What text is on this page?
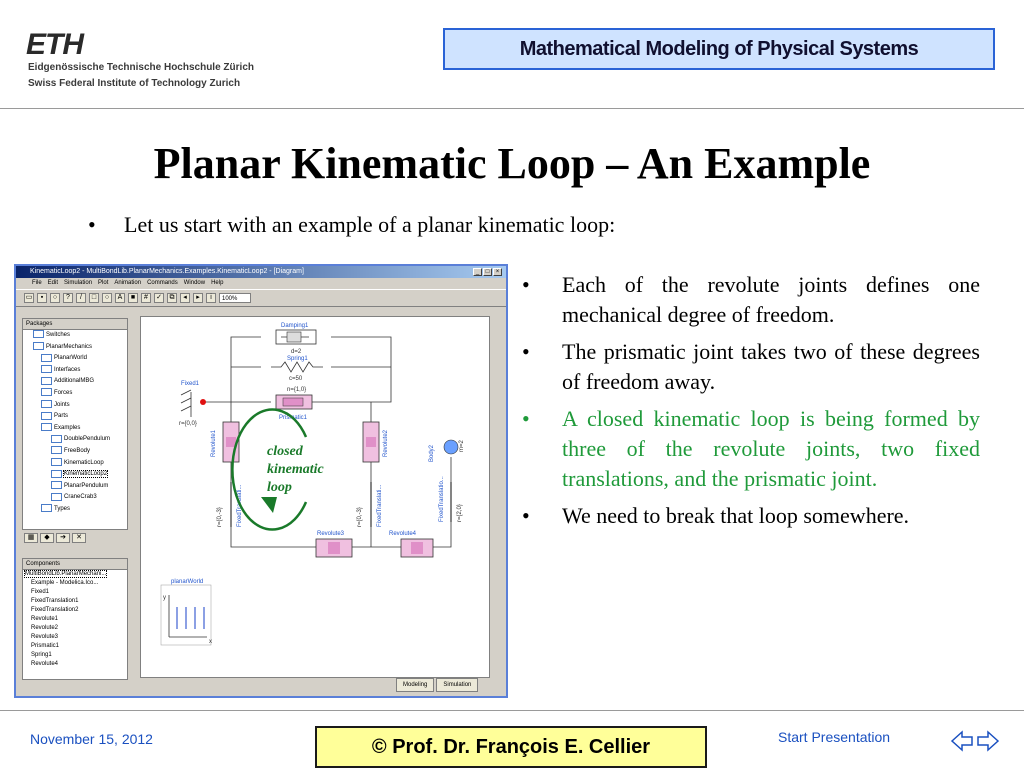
ETH
Eidgenössische Technische Hochschule Zürich
Swiss Federal Institute of Technology Zurich
Mathematical Modeling of Physical Systems
Planar Kinematic Loop – An Example
• Let us start with an example of a planar kinematic loop:
KinematicLoop2 - MultiBondLib.PlanarMechanics.Examples.KinematicLoop2 - [Diagram]	_	□	×
File Edit Simulation Plot Animation Commands Window Help
▭	▪	○	?	/	□	○	A	■	#	✓	⧉	◂	▸	i	100%
Packages
Switches
PlanarMechanics
PlanarWorld
Interfaces
AdditionalMBG
Forces
Joints
Parts
Examples
DoublePendulum
FreeBody
KinematicLoop
KinematicLoop2
PlanarPendulum
CraneCrab3
Types
▦	◆	➔	✕
Components
MultiBondLib.PlanarMechani...
Example - Modelica.Ico...
Fixed1
FixedTranslation1
FixedTranslation2
Revolute1
Revolute2
Revolute3
Prismatic1
Spring1
Revolute4
Damping1
d=2
Spring1
c=50
n={1,0}
Prismatic1
Fixed1
r={0,0}
Revolute1	Revolute2
FixedTranslati...
r={0,-3}	FixedTranslati...
r={0,-3}	FixedTranslatio... r={2,0}
Body2	m=2
Revolute3	Revolute4
closed
kinematic
loop
planarWorld
y
x
Modeling	Simulation
•	Each of the revolute joints defines one mechanical degree of freedom.
•	The prismatic joint takes two of these degrees of freedom away.
•	A closed kinematic loop is being formed by three of the revolute joints, two fixed translations, and the prismatic joint.
•	We need to break that loop somewhere.
November 15, 2012	© Prof. Dr. François E. Cellier	Start Presentation
